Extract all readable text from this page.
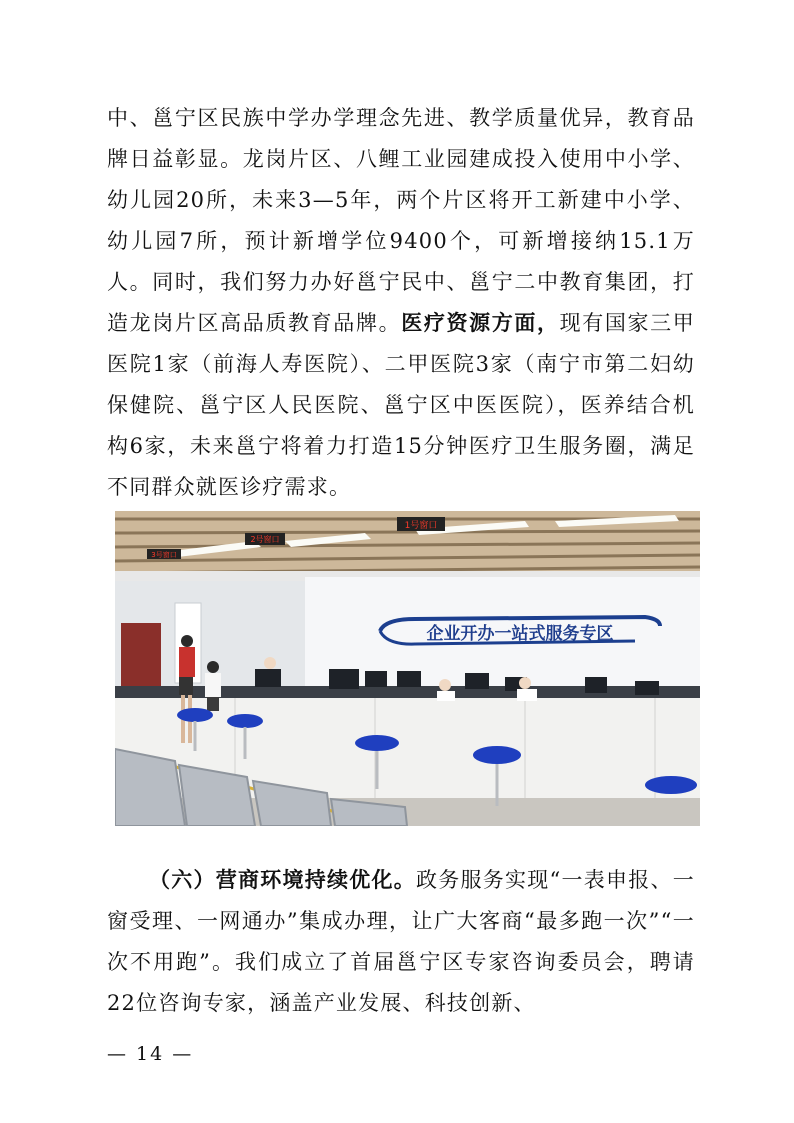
中、邕宁区民族中学办学理念先进、教学质量优异，教育品牌日益彰显。龙岗片区、八鲤工业园建成投入使用中小学、幼儿园20所，未来3—5年，两个片区将开工新建中小学、幼儿园7所，预计新增学位9400个，可新增接纳15.1万人。同时，我们努力办好邕宁民中、邕宁二中教育集团，打造龙岗片区高品质教育品牌。医疗资源方面，现有国家三甲医院1家（前海人寿医院）、二甲医院3家（南宁市第二妇幼保健院、邕宁区人民医院、邕宁区中医医院），医养结合机构6家，未来邕宁将着力打造15分钟医疗卫生服务圈，满足不同群众就医诊疗需求。

3号窗口
2号窗口
1号窗口
企业开办一站式服务专区

（六）营商环境持续优化。政务服务实现“一表申报、一窗受理、一网通办”集成办理，让广大客商“最多跑一次”“一次不用跑”。我们成立了首届邕宁区专家咨询委员会，聘请22位咨询专家，涵盖产业发展、科技创新、

— 14 —
